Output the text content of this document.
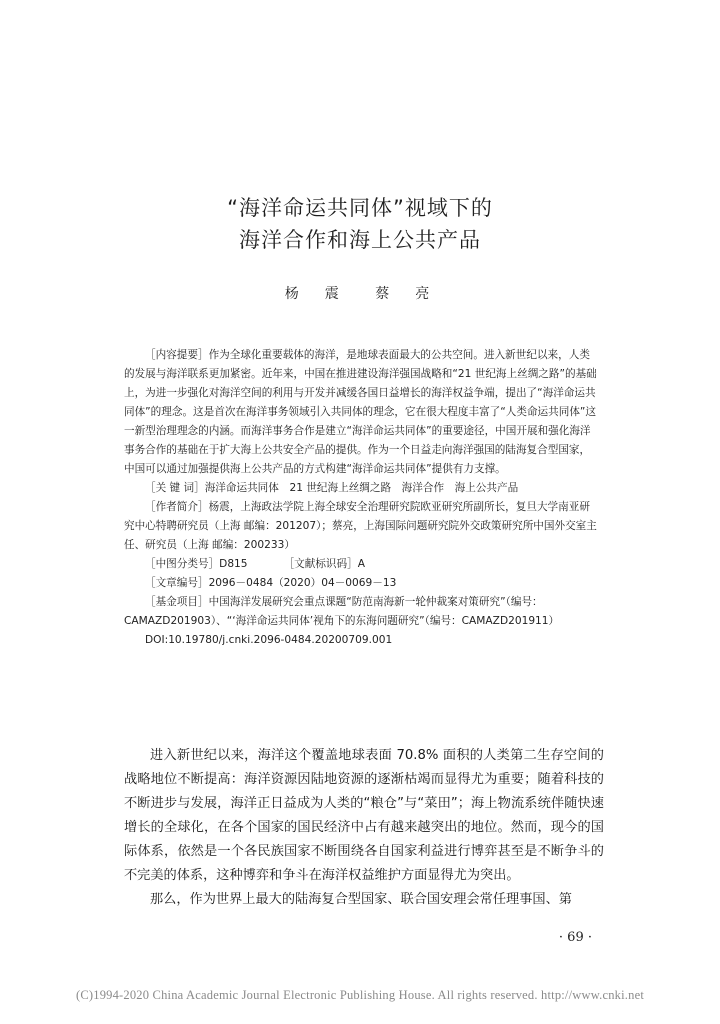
“海洋命运共同体”视域下的
海洋合作和海上公共产品
杨　震 蔡　亮

［内容提要］作为全球化重要载体的海洋，是地球表面最大的公共空间。进入新世纪以来，人类的发展与海洋联系更加紧密。近年来，中国在推进建设海洋强国战略和“21 世纪海上丝绸之路”的基础上，为进一步强化对海洋空间的利用与开发并减缓各国日益增长的海洋权益争端，提出了“海洋命运共同体”的理念。这是首次在海洋事务领域引入共同体的理念，它在很大程度丰富了“人类命运共同体”这一新型治理理念的内涵。而海洋事务合作是建立“海洋命运共同体”的重要途径，中国开展和强化海洋事务合作的基础在于扩大海上公共安全产品的提供。作为一个日益走向海洋强国的陆海复合型国家，中国可以通过加强提供海上公共产品的方式构建“海洋命运共同体”提供有力支撑。

［关 键 词］海洋命运共同体　21 世纪海上丝绸之路　海洋合作　海上公共产品

［作者简介］杨震，上海政法学院上海全球安全治理研究院欧亚研究所副所长，复旦大学南亚研究中心特聘研究员（上海 邮编：201207）；蔡亮，上海国际问题研究院外交政策研究所中国外交室主任、研究员（上海 邮编：200233）

［中图分类号］D815	［文献标识码］A

［文章编号］2096－0484（2020）04－0069－13

［基金项目］中国海洋发展研究会重点课题“防范南海新一轮仲裁案对策研究”（编号：CAMAZD201903）、“‘海洋命运共同体’视角下的东海问题研究”（编号：CAMAZD201911）

DOI:10.19780/j.cnki.2096-0484.20200709.001

进入新世纪以来，海洋这个覆盖地球表面 70.8% 面积的人类第二生存空间的战略地位不断提高：海洋资源因陆地资源的逐渐枯竭而显得尤为重要；随着科技的不断进步与发展，海洋正日益成为人类的“粮仓”与“菜田”；海上物流系统伴随快速增长的全球化，在各个国家的国民经济中占有越来越突出的地位。然而，现今的国际体系，依然是一个各民族国家不断围绕各自国家利益进行博弈甚至是不断争斗的不完美的体系，这种博弈和争斗在海洋权益维护方面显得尤为突出。

那么，作为世界上最大的陆海复合型国家、联合国安理会常任理事国、第

· 69 ·
(C)1994-2020 China Academic Journal Electronic Publishing House. All rights reserved. http://www.cnki.net
